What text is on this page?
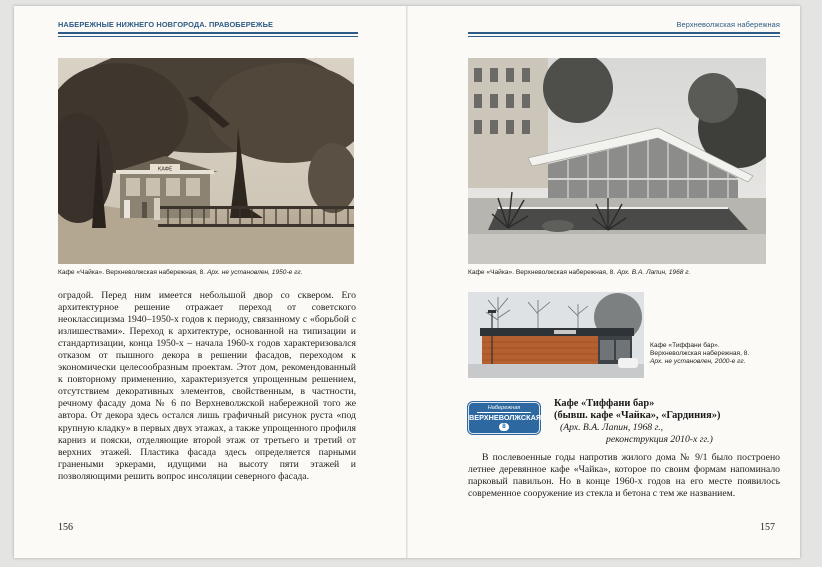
НАБЕРЕЖНЫЕ НИЖНЕГО НОВГОРОДА. ПРАВОБЕРЕЖЬЕ
КАФЕ
Кафе «Чайка». Верхневолжская набережная, 8. Арх. не установлен, 1950-е гг.

оградой. Перед ним имеется небольшой двор со сквером. Его архитектурное решение отражает переход от советского неоклассицизма 1940–1950-х годов к периоду, связанному с «борьбой с излишествами». Переход к архитектуре, основанной на типизации и стандартизации, конца 1950-х – начала 1960-х годов характеризовался отказом от пышного декора в решении фасадов, переходом к экономически целесообразным проектам. Этот дом, рекомендованный к повторному применению, характеризуется упрощенным решением, отсутствием декоративных элементов, свойственным, в частности, речному фасаду дома № 6 по Верхневолжской набережной того же автора. От декора здесь остался лишь графичный рисунок руста «под крупную кладку» в первых двух этажах, а также упрощенного профиля карниз и пояски, отделяющие второй этаж от третьего и третий от верхних этажей. Пластика фасада здесь определяется парными гранеными эркерами, идущими на высоту пяти этажей и позволяющими решить вопрос инсоляции северного фасада.

156
Верхневолжская набережная
Кафе «Чайка». Верхневолжская набережная, 8. Арх. В.А. Лапин, 1968 г.
Кафе «Тиффани бар». Верхневолжская набережная, 8. Арх. не установлен, 2000-е гг.
Набережная
ВЕРХНЕВОЛЖСКАЯ
8
Кафе «Тиффани бар»
(бывш. кафе «Чайка», «Гардиния»)
(Арх. В.А. Лапин, 1968 г.,
реконструкция 2010-х гг.)

В послевоенные годы напротив жилого дома № 9/1 было построено летнее деревянное кафе «Чайка», которое по своим формам напоминало парковый павильон. Но в конце 1960-х годов на его месте появилось современное сооружение из стекла и бетона с тем же названием.

157
